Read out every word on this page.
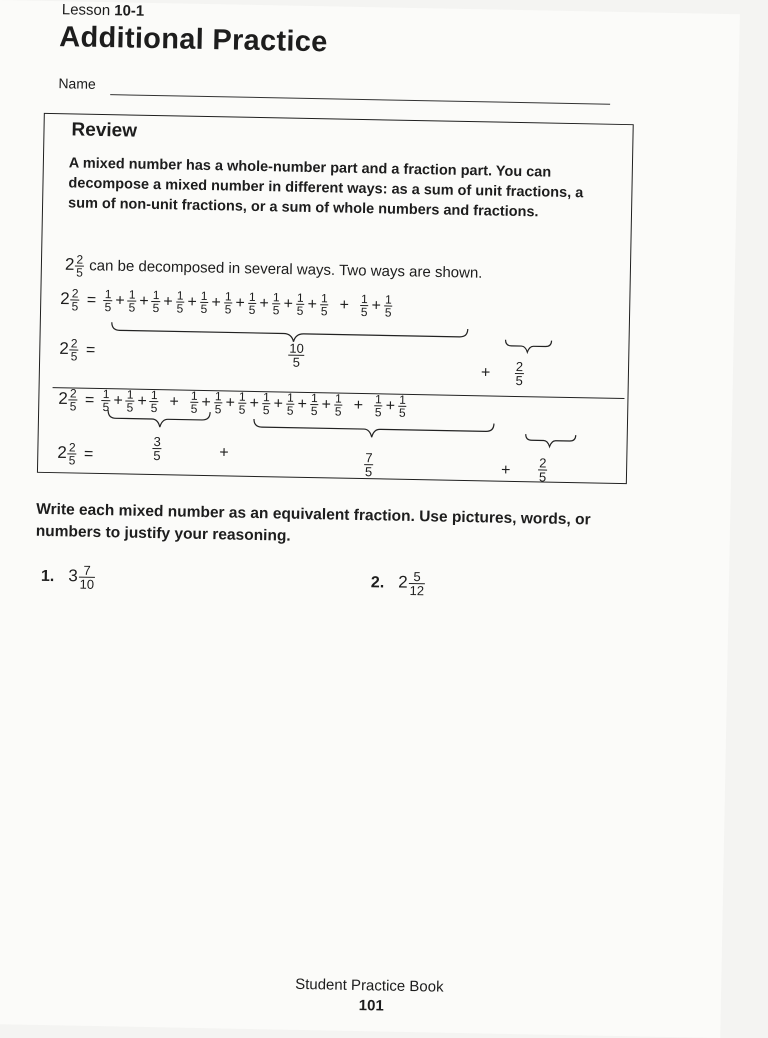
Lesson 10-1
Additional Practice
Name
Review
A mixed number has a whole-number part and a fraction part. You can decompose a mixed number in different ways: as a sum of unit fractions, a sum of non-unit fractions, or a sum of whole numbers and fractions.
$2 \frac{2}{5}$ can be decomposed in several ways. Two ways are shown.
$2 \frac{2}{5} = \frac{1}{5} + \frac{1}{5} + \frac{1}{5} + \frac{1}{5} + \frac{1}{5} + \frac{1}{5} + \frac{1}{5} + \frac{1}{5} + \frac{1}{5} + \frac{1}{5} + \frac{1}{5} + \frac{1}{5}$
$2 \frac{2}{5}$ =	$\frac{10}{5}$
+ $\frac{2}{5}$
$2 \frac{2}{5} = \frac{1}{5} + \frac{1}{5} + \frac{1}{5} + \frac{1}{5} + \frac{1}{5} + \frac{1}{5} + \frac{1}{5} + \frac{1}{5} + \frac{1}{5} + \frac{1}{5} + \frac{1}{5} + \frac{1}{5}$
$2 \frac{2}{5}$ =	$\frac{3}{5}$	+	$\frac{7}{5}$	+ $\frac{2}{5}$
Write each mixed number as an equivalent fraction. Use pictures, words, or numbers to justify your reasoning.
1. $3 \frac{7}{10}$	2. $2 \frac{5}{12}$
Student Practice Book
101
